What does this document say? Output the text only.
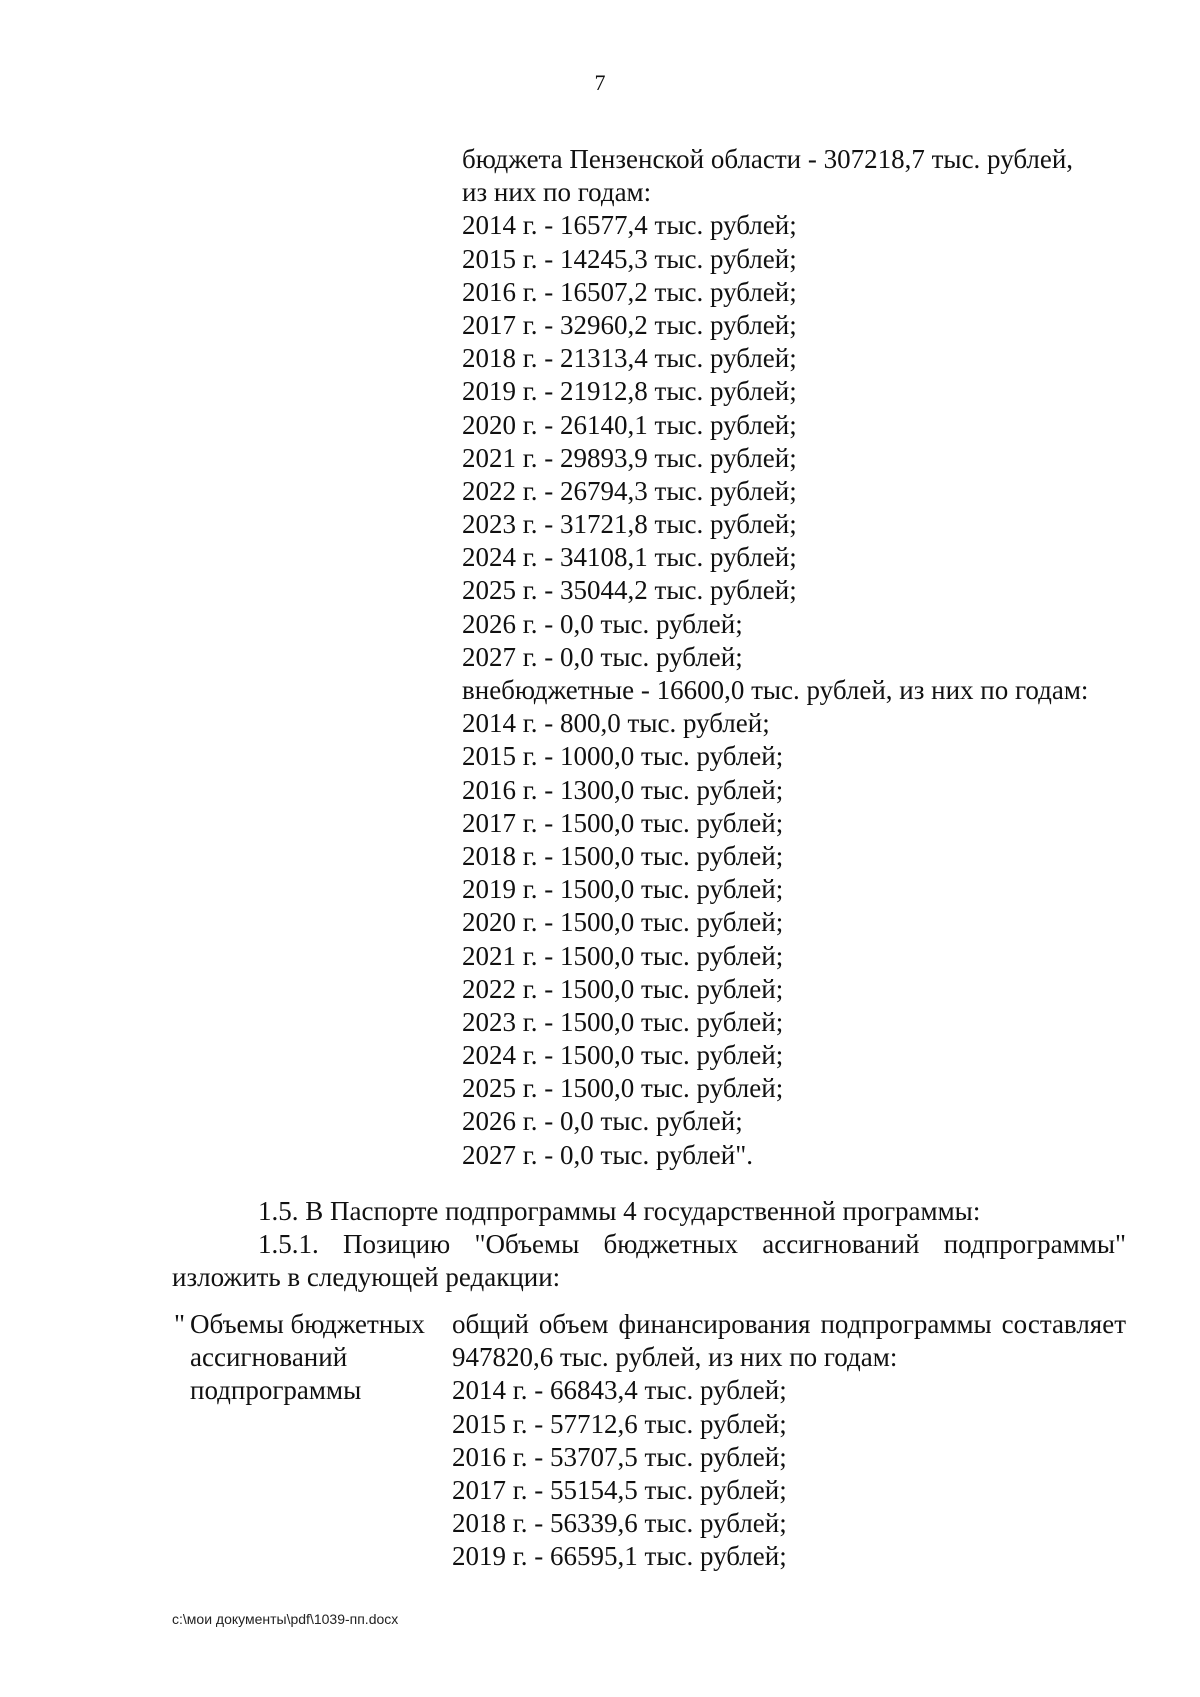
7
бюджета Пензенской области - 307218,7 тыс. рублей,
из них по годам:
2014 г. - 16577,4 тыс. рублей;
2015 г. - 14245,3 тыс. рублей;
2016 г. - 16507,2 тыс. рублей;
2017 г. - 32960,2 тыс. рублей;
2018 г. - 21313,4 тыс. рублей;
2019 г. - 21912,8 тыс. рублей;
2020 г. - 26140,1 тыс. рублей;
2021 г. - 29893,9 тыс. рублей;
2022 г. - 26794,3 тыс. рублей;
2023 г. - 31721,8 тыс. рублей;
2024 г. - 34108,1 тыс. рублей;
2025 г. - 35044,2 тыс. рублей;
2026 г. - 0,0 тыс. рублей;
2027 г. - 0,0 тыс. рублей;
внебюджетные - 16600,0 тыс. рублей, из них по годам:
2014 г. - 800,0 тыс. рублей;
2015 г. - 1000,0 тыс. рублей;
2016 г. - 1300,0 тыс. рублей;
2017 г. - 1500,0 тыс. рублей;
2018 г. - 1500,0 тыс. рублей;
2019 г. - 1500,0 тыс. рублей;
2020 г. - 1500,0 тыс. рублей;
2021 г. - 1500,0 тыс. рублей;
2022 г. - 1500,0 тыс. рублей;
2023 г. - 1500,0 тыс. рублей;
2024 г. - 1500,0 тыс. рублей;
2025 г. - 1500,0 тыс. рублей;
2026 г. - 0,0 тыс. рублей;
2027 г. - 0,0 тыс. рублей".
1.5. В Паспорте подпрограммы 4 государственной программы:
1.5.1. Позицию "Объемы бюджетных ассигнований подпрограммы"
изложить в следующей редакции:
" Объемы бюджетных
ассигнований
подпрограммы
общий объем финансирования подпрограммы составляет
947820,6 тыс. рублей, из них по годам:
2014 г. - 66843,4 тыс. рублей;
2015 г. - 57712,6 тыс. рублей;
2016 г. - 53707,5 тыс. рублей;
2017 г. - 55154,5 тыс. рублей;
2018 г. - 56339,6 тыс. рублей;
2019 г. - 66595,1 тыс. рублей;
c:\мои документы\pdf\1039-пп.docx
